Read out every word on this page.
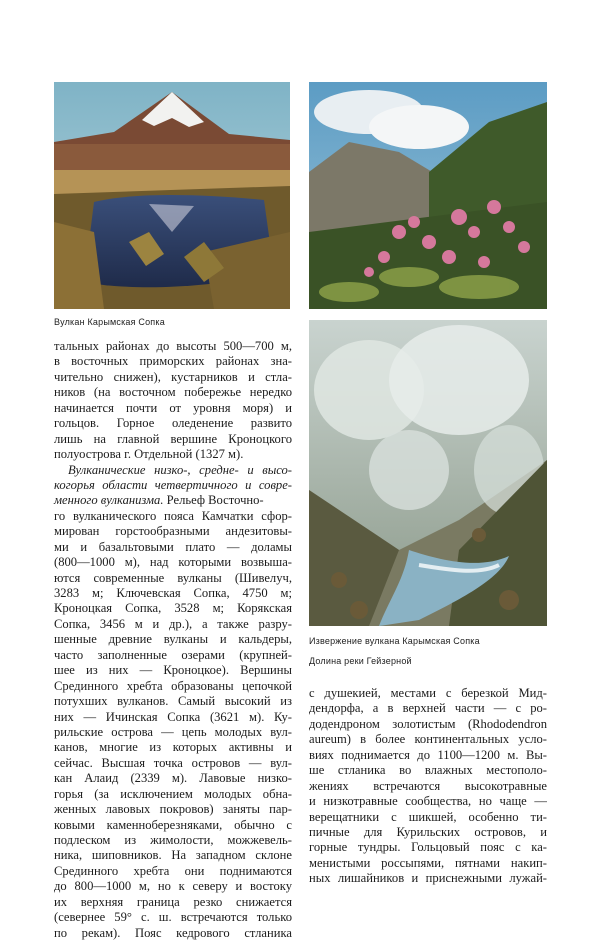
Вулкан Карымская Сопка
Извержение вулкана Карымская Сопка
Долина реки Гейзерной
тальных районах до высоты 500—700 м,
в восточных приморских районах зна-
чительно снижен), кустарников и стла-
ников (на восточном побережье нередко
начинается почти от уровня моря) и
гольцов. Горное оледенение развито
лишь на главной вершине Кроноцкого
полуострова г. Отдельной (1327 м).
Вулканические низко-, средне- и высо-
когорья области четвертичного и совре-
менного вулканизма. Рельеф Восточно-
го вулканического пояса Камчатки сфор-
мирован горстообразными андезитовы-
ми и базальтовыми плато — доламы
(800—1000 м), над которыми возвыша-
ются современные вулканы (Шивелуч,
3283 м; Ключевская Сопка, 4750 м;
Кроноцкая Сопка, 3528 м; Корякская
Сопка, 3456 м и др.), а также разру-
шенные древние вулканы и кальдеры,
часто заполненные озерами (крупней-
шее из них — Кроноцкое). Вершины
Срединного хребта образованы цепочкой
потухших вулканов. Самый высокий из
них — Ичинская Сопка (3621 м). Ку-
рильские острова — цепь молодых вул-
канов, многие из которых активны и
сейчас. Высшая точка островов — вул-
кан Алаид (2339 м). Лавовые низко-
горья (за исключением молодых обна-
женных лавовых покровов) заняты пар-
ковыми каменноберезняками, обычно с
подлеском из жимолости, можжевель-
ника, шиповников. На западном склоне
Срединного хребта они поднимаются
до 800—1000 м, но к северу и востоку
их верхняя граница резко снижается
(севернее 59° с. ш. встречаются только
по рекам). Пояс кедрового стланика
с душекией, местами с березкой Мид-
дендорфа, а в верхней части — с ро-
додендроном золотистым (Rhododendron
aureum) в более континентальных усло-
виях поднимается до 1100—1200 м. Вы-
ше стланика во влажных местополо-
жениях встречаются высокотравные
и низкотравные сообщества, но чаще —
верещатники с шикшей, особенно ти-
пичные для Курильских островов, и
горные тундры. Гольцовый пояс с ка-
менистыми россыпями, пятнами накип-
ных лишайников и приснежными лужай-
